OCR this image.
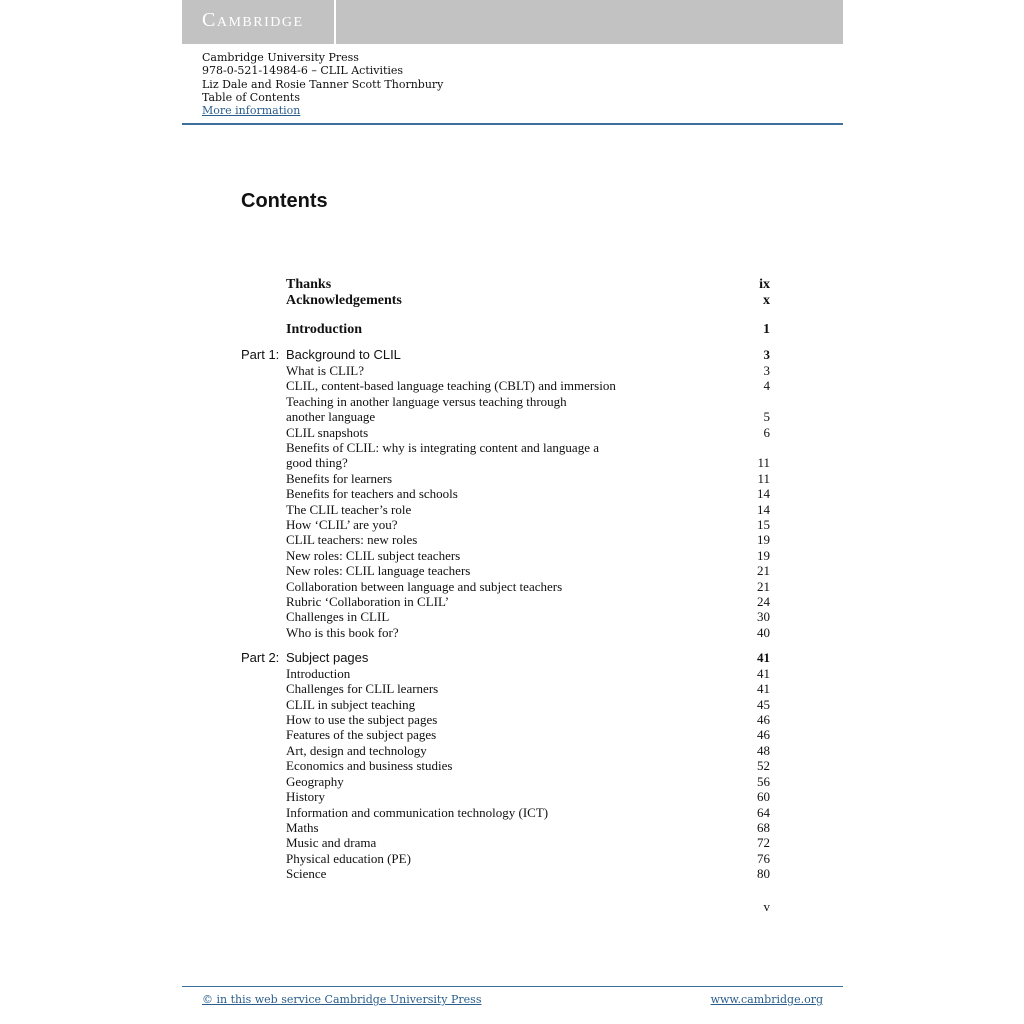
Cambridge
Cambridge University Press
978-0-521-14984-6 – CLIL Activities
Liz Dale and Rosie Tanner Scott Thornbury
Table of Contents
More information
Contents
Thanks	ix
Acknowledgements	x
Introduction	1
Part 1: Background to CLIL	3
What is CLIL?	3
CLIL, content-based language teaching (CBLT) and immersion	4
Teaching in another language versus teaching through
another language	5
CLIL snapshots	6
Benefits of CLIL: why is integrating content and language a
good thing?	11
Benefits for learners	11
Benefits for teachers and schools	14
The CLIL teacher’s role	14
How ‘CLIL’ are you?	15
CLIL teachers: new roles	19
New roles: CLIL subject teachers	19
New roles: CLIL language teachers	21
Collaboration between language and subject teachers	21
Rubric ‘Collaboration in CLIL’	24
Challenges in CLIL	30
Who is this book for?	40
Part 2: Subject pages	41
Introduction	41
Challenges for CLIL learners	41
CLIL in subject teaching	45
How to use the subject pages	46
Features of the subject pages	46
Art, design and technology	48
Economics and business studies	52
Geography	56
History	60
Information and communication technology (ICT)	64
Maths	68
Music and drama	72
Physical education (PE)	76
Science	80
v
© in this web service Cambridge University Press	www.cambridge.org
